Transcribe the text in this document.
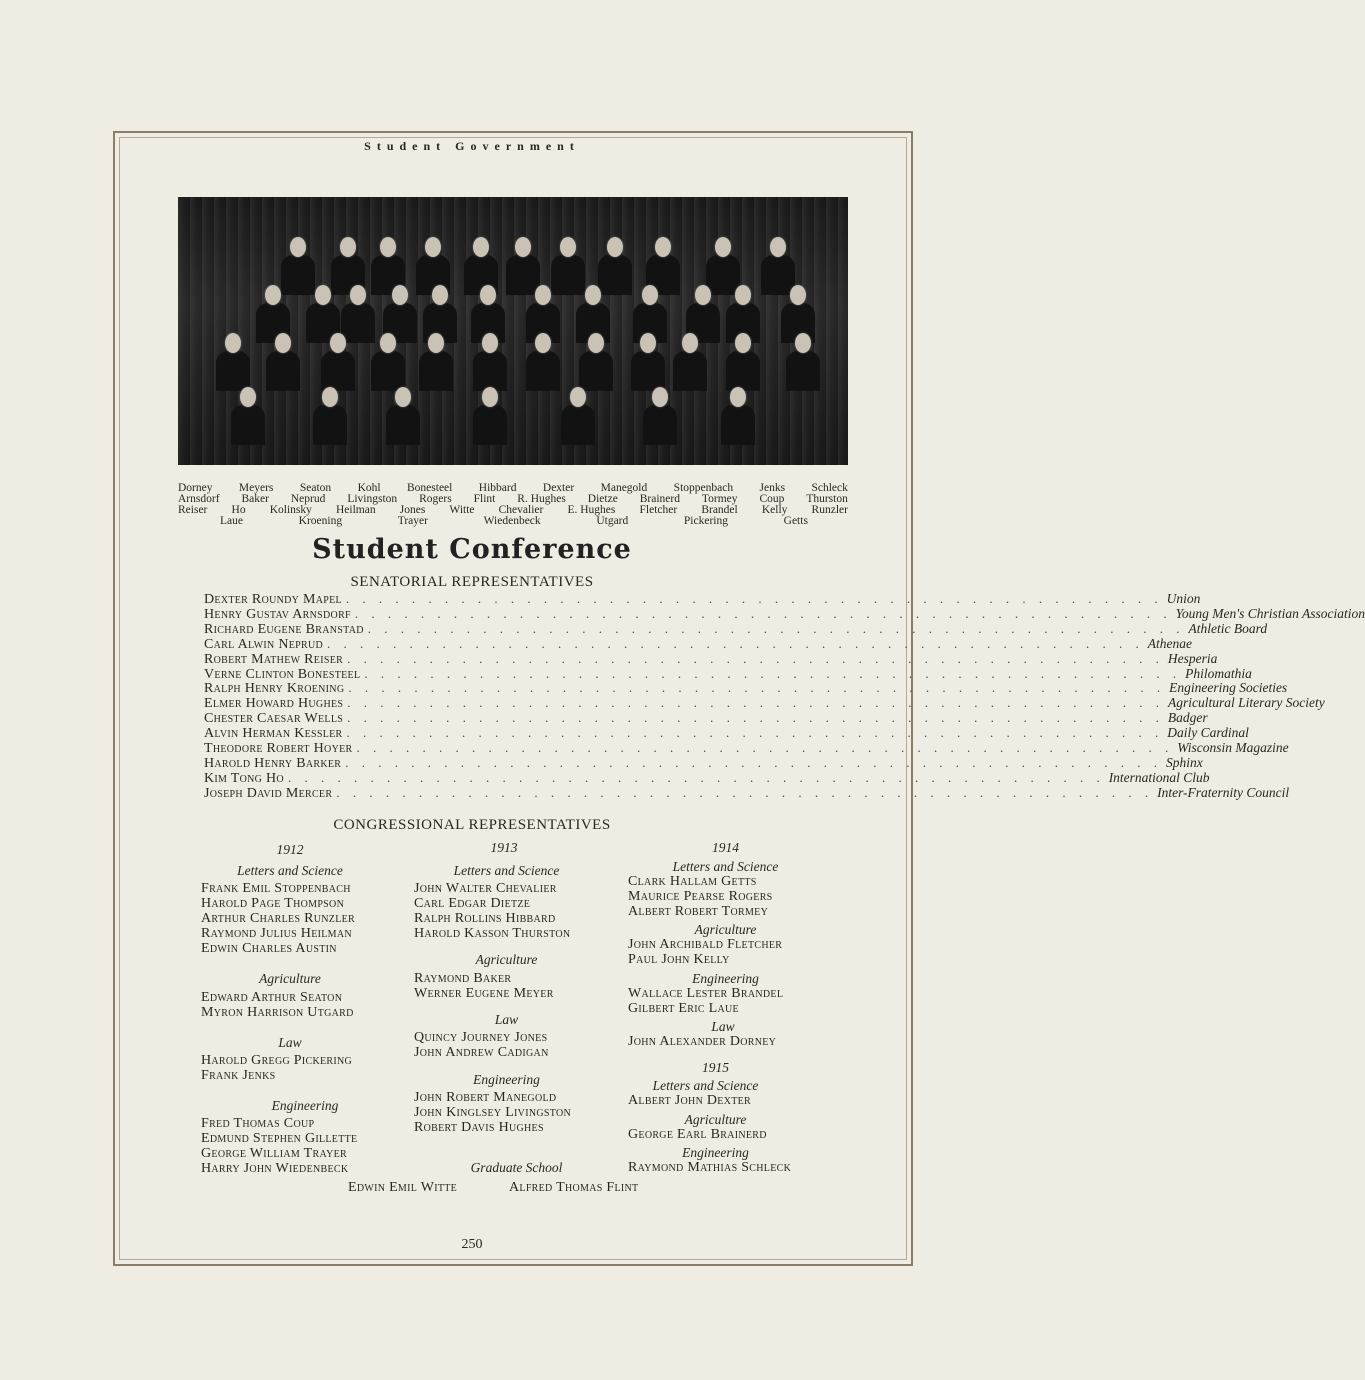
Student Government
Dorney Meyers Seaton Kohl Bonesteel Hibbard Dexter Manegold Stoppenbach Jenks Schleck
Arnsdorf Baker Neprud Livingston Rogers Flint R. Hughes Dietze Brainerd Tormey Coup Thurston
Reiser Ho Kolinsky Heilman Jones Witte Chevalier E. Hughes Fletcher Brandel Kelly Runzler
Laue	Kroening	Trayer	Wiedenbeck	Utgard	Pickering	Getts
Student Conference
SENATORIAL REPRESENTATIVES
Dexter Roundy Mapel . . . . . . . . . . . . . . . . . . . . . . . . . . . . . . . . . . . . . . . . . . . . . . . . . . Union
Henry Gustav Arnsdorf . . . . . . . . . . . . . . . . . . . . . . . . . . . . . . . . . . . . . . . . . . . . . . . . . . Young Men's Christian Association
Richard Eugene Branstad . . . . . . . . . . . . . . . . . . . . . . . . . . . . . . . . . . . . . . . . . . . . . . . . . . Athletic Board
Carl Alwin Neprud . . . . . . . . . . . . . . . . . . . . . . . . . . . . . . . . . . . . . . . . . . . . . . . . . . Athenae
Robert Mathew Reiser . . . . . . . . . . . . . . . . . . . . . . . . . . . . . . . . . . . . . . . . . . . . . . . . . . Hesperia
Verne Clinton Bonesteel . . . . . . . . . . . . . . . . . . . . . . . . . . . . . . . . . . . . . . . . . . . . . . . . . . Philomathia
Ralph Henry Kroening . . . . . . . . . . . . . . . . . . . . . . . . . . . . . . . . . . . . . . . . . . . . . . . . . . Engineering Societies
Elmer Howard Hughes . . . . . . . . . . . . . . . . . . . . . . . . . . . . . . . . . . . . . . . . . . . . . . . . . . Agricultural Literary Society
Chester Caesar Wells . . . . . . . . . . . . . . . . . . . . . . . . . . . . . . . . . . . . . . . . . . . . . . . . . . Badger
Alvin Herman Kessler . . . . . . . . . . . . . . . . . . . . . . . . . . . . . . . . . . . . . . . . . . . . . . . . . . Daily Cardinal
Theodore Robert Hoyer . . . . . . . . . . . . . . . . . . . . . . . . . . . . . . . . . . . . . . . . . . . . . . . . . . Wisconsin Magazine
Harold Henry Barker . . . . . . . . . . . . . . . . . . . . . . . . . . . . . . . . . . . . . . . . . . . . . . . . . . Sphinx
Kim Tong Ho . . . . . . . . . . . . . . . . . . . . . . . . . . . . . . . . . . . . . . . . . . . . . . . . . . International Club
Joseph David Mercer . . . . . . . . . . . . . . . . . . . . . . . . . . . . . . . . . . . . . . . . . . . . . . . . . . Inter-Fraternity Council
CONGRESSIONAL REPRESENTATIVES
1912
Letters and Science
Frank Emil Stoppenbach
Harold Page Thompson
Arthur Charles Runzler
Raymond Julius Heilman
Edwin Charles Austin
Agriculture
Edward Arthur Seaton
Myron Harrison Utgard
Law
Harold Gregg Pickering
Frank Jenks
Engineering
Fred Thomas Coup
Edmund Stephen Gillette
George William Trayer
Harry John Wiedenbeck
1913
Letters and Science
John Walter Chevalier
Carl Edgar Dietze
Ralph Rollins Hibbard
Harold Kasson Thurston
Agriculture
Raymond Baker
Werner Eugene Meyer
Law
Quincy Journey Jones
John Andrew Cadigan
Engineering
John Robert Manegold
John Kinglsey Livingston
Robert Davis Hughes
Graduate School
1914
Letters and Science
Clark Hallam Getts
Maurice Pearse Rogers
Albert Robert Tormey
Agriculture
John Archibald Fletcher
Paul John Kelly
Engineering
Wallace Lester Brandel
Gilbert Eric Laue
Law
John Alexander Dorney
1915
Letters and Science
Albert John Dexter
Agriculture
George Earl Brainerd
Engineering
Raymond Mathias Schleck
Edwin Emil Witte	Alfred Thomas Flint
250
